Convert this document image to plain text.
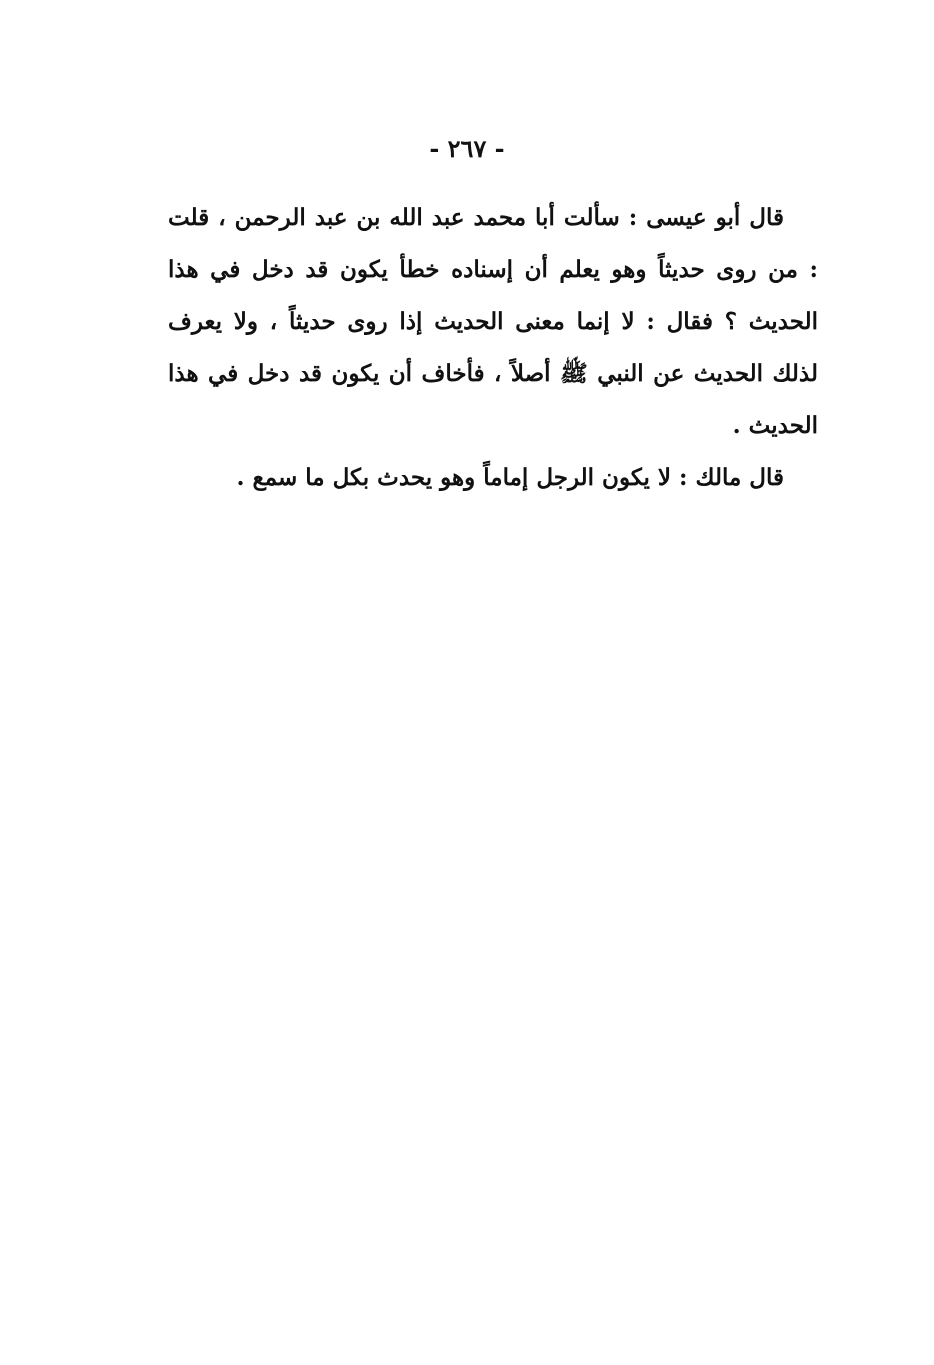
- ٢٦٧ -

قال أبو عيسى : سألت أبا محمد عبد الله بن عبد الرحمن ، قلت : من روى حديثاً وهو يعلم أن إسناده خطأ يكون قد دخل في هذا الحديث ؟ فقال : لا إنما معنى الحديث إذا روى حديثاً ، ولا يعرف لذلك الحديث عن النبي ﷺ أصلاً ، فأخاف أن يكون قد دخل في هذا الحديث .

قال مالك : لا يكون الرجل إماماً وهو يحدث بكل ما سمع .
